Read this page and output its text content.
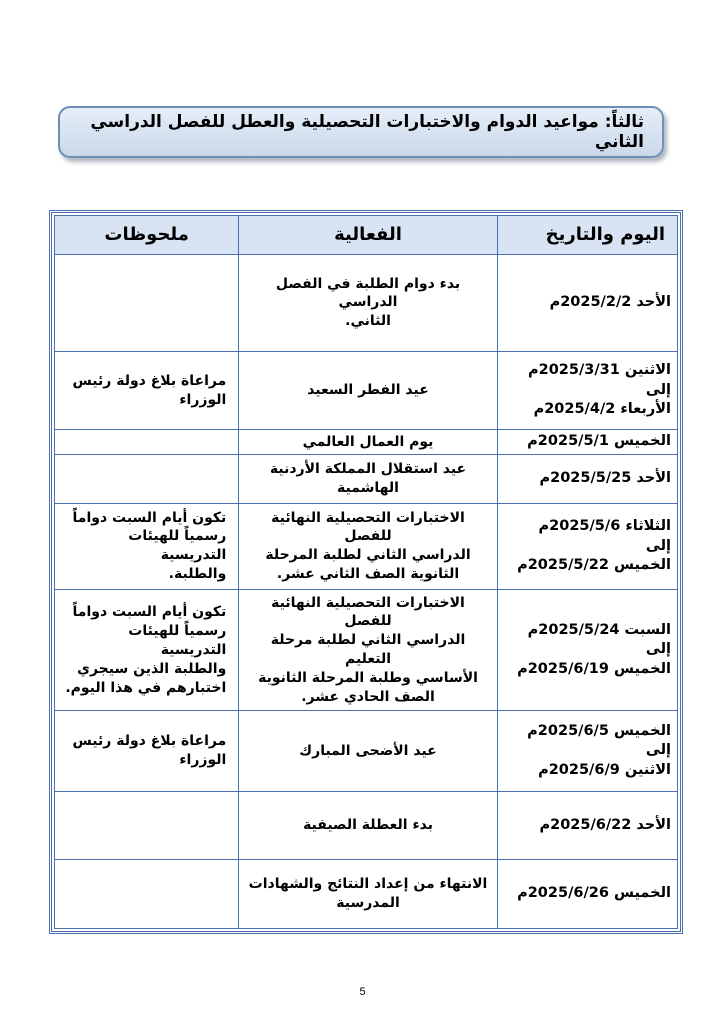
ثالثاً: مواعيد الدوام والاختبارات التحصيلية والعطل للفصل الدراسي الثاني
اليوم والتاريخ	الفعالية	ملحوظات

الأحد 2025/2/2م	بدء دوام الطلبة في الفصل الدراسي
الثاني.	

الاثنين 2025/3/31م
إلى
الأربعاء 2025/4/2م	عيد الفطر السعيد	مراعاة بلاغ دولة رئيس
الوزراء

الخميس 2025/5/1م	يوم العمال العالمي	

الأحد 2025/5/25م	عيد استقلال المملكة الأردنية
الهاشمية	

الثلاثاء 2025/5/6م
إلى
الخميس 2025/5/22م	الاختبارات التحصيلية النهائية للفصل
الدراسي الثاني لطلبة المرحلة
الثانوية الصف الثاني عشر.	تكون أيام السبت دواماً
رسمياً للهيئات التدريسية
والطلبة.

السبت 2025/5/24م
إلى
الخميس 2025/6/19م	الاختبارات التحصيلية النهائية للفصل
الدراسي الثاني لطلبة مرحلة التعليم
الأساسي وطلبة المرحلة الثانوية
الصف الحادي عشر.	تكون أيام السبت دواماً
رسمياً للهيئات التدريسية
والطلبة الذين سيجري
اختبارهم في هذا اليوم.

الخميس 2025/6/5م إلى
الاثنين 2025/6/9م	عيد الأضحى المبارك	مراعاة بلاغ دولة رئيس
الوزراء

الأحد 2025/6/22م	بدء العطلة الصيفية	

الخميس 2025/6/26م	الانتهاء من إعداد النتائج والشهادات
المدرسية	

5
